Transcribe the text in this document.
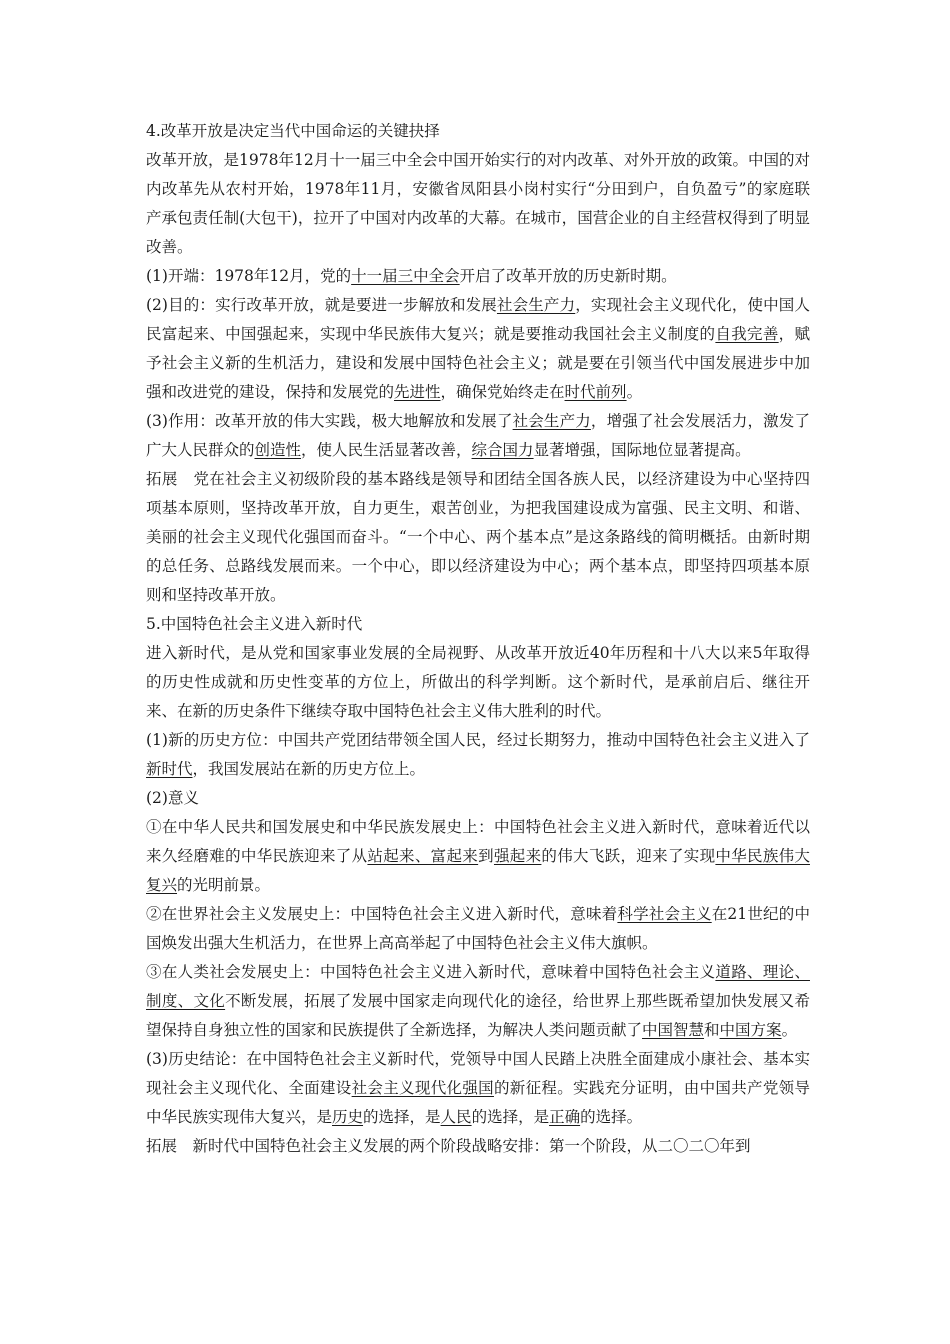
4.改革开放是决定当代中国命运的关键抉择

改革开放，是1978年12月十一届三中全会中国开始实行的对内改革、对外开放的政策。中国的对内改革先从农村开始，1978年11月，安徽省凤阳县小岗村实行“分田到户，自负盈亏”的家庭联产承包责任制(大包干)，拉开了中国对内改革的大幕。在城市，国营企业的自主经营权得到了明显改善。

(1)开端：1978年12月，党的十一届三中全会开启了改革开放的历史新时期。

(2)目的：实行改革开放，就是要进一步解放和发展社会生产力，实现社会主义现代化，使中国人民富起来、中国强起来，实现中华民族伟大复兴；就是要推动我国社会主义制度的自我完善，赋予社会主义新的生机活力，建设和发展中国特色社会主义；就是要在引领当代中国发展进步中加强和改进党的建设，保持和发展党的先进性，确保党始终走在时代前列。

(3)作用：改革开放的伟大实践，极大地解放和发展了社会生产力，增强了社会发展活力，激发了广大人民群众的创造性，使人民生活显著改善，综合国力显著增强，国际地位显著提高。

拓展　党在社会主义初级阶段的基本路线是领导和团结全国各族人民，以经济建设为中心坚持四项基本原则，坚持改革开放，自力更生，艰苦创业，为把我国建设成为富强、民主文明、和谐、美丽的社会主义现代化强国而奋斗。“一个中心、两个基本点”是这条路线的简明概括。由新时期的总任务、总路线发展而来。一个中心，即以经济建设为中心；两个基本点，即坚持四项基本原则和坚持改革开放。

5.中国特色社会主义进入新时代

进入新时代，是从党和国家事业发展的全局视野、从改革开放近40年历程和十八大以来5年取得的历史性成就和历史性变革的方位上，所做出的科学判断。这个新时代，是承前启后、继往开来、在新的历史条件下继续夺取中国特色社会主义伟大胜利的时代。

(1)新的历史方位：中国共产党团结带领全国人民，经过长期努力，推动中国特色社会主义进入了新时代，我国发展站在新的历史方位上。

(2)意义

①在中华人民共和国发展史和中华民族发展史上：中国特色社会主义进入新时代，意味着近代以来久经磨难的中华民族迎来了从站起来、富起来到强起来的伟大飞跃，迎来了实现中华民族伟大复兴的光明前景。

②在世界社会主义发展史上：中国特色社会主义进入新时代，意味着科学社会主义在21世纪的中国焕发出强大生机活力，在世界上高高举起了中国特色社会主义伟大旗帜。

③在人类社会发展史上：中国特色社会主义进入新时代，意味着中国特色社会主义道路、理论、制度、文化不断发展，拓展了发展中国家走向现代化的途径，给世界上那些既希望加快发展又希望保持自身独立性的国家和民族提供了全新选择，为解决人类问题贡献了中国智慧和中国方案。

(3)历史结论：在中国特色社会主义新时代，党领导中国人民踏上决胜全面建成小康社会、基本实现社会主义现代化、全面建设社会主义现代化强国的新征程。实践充分证明，由中国共产党领导中华民族实现伟大复兴，是历史的选择，是人民的选择，是正确的选择。

拓展　新时代中国特色社会主义发展的两个阶段战略安排：第一个阶段，从二〇二〇年到
